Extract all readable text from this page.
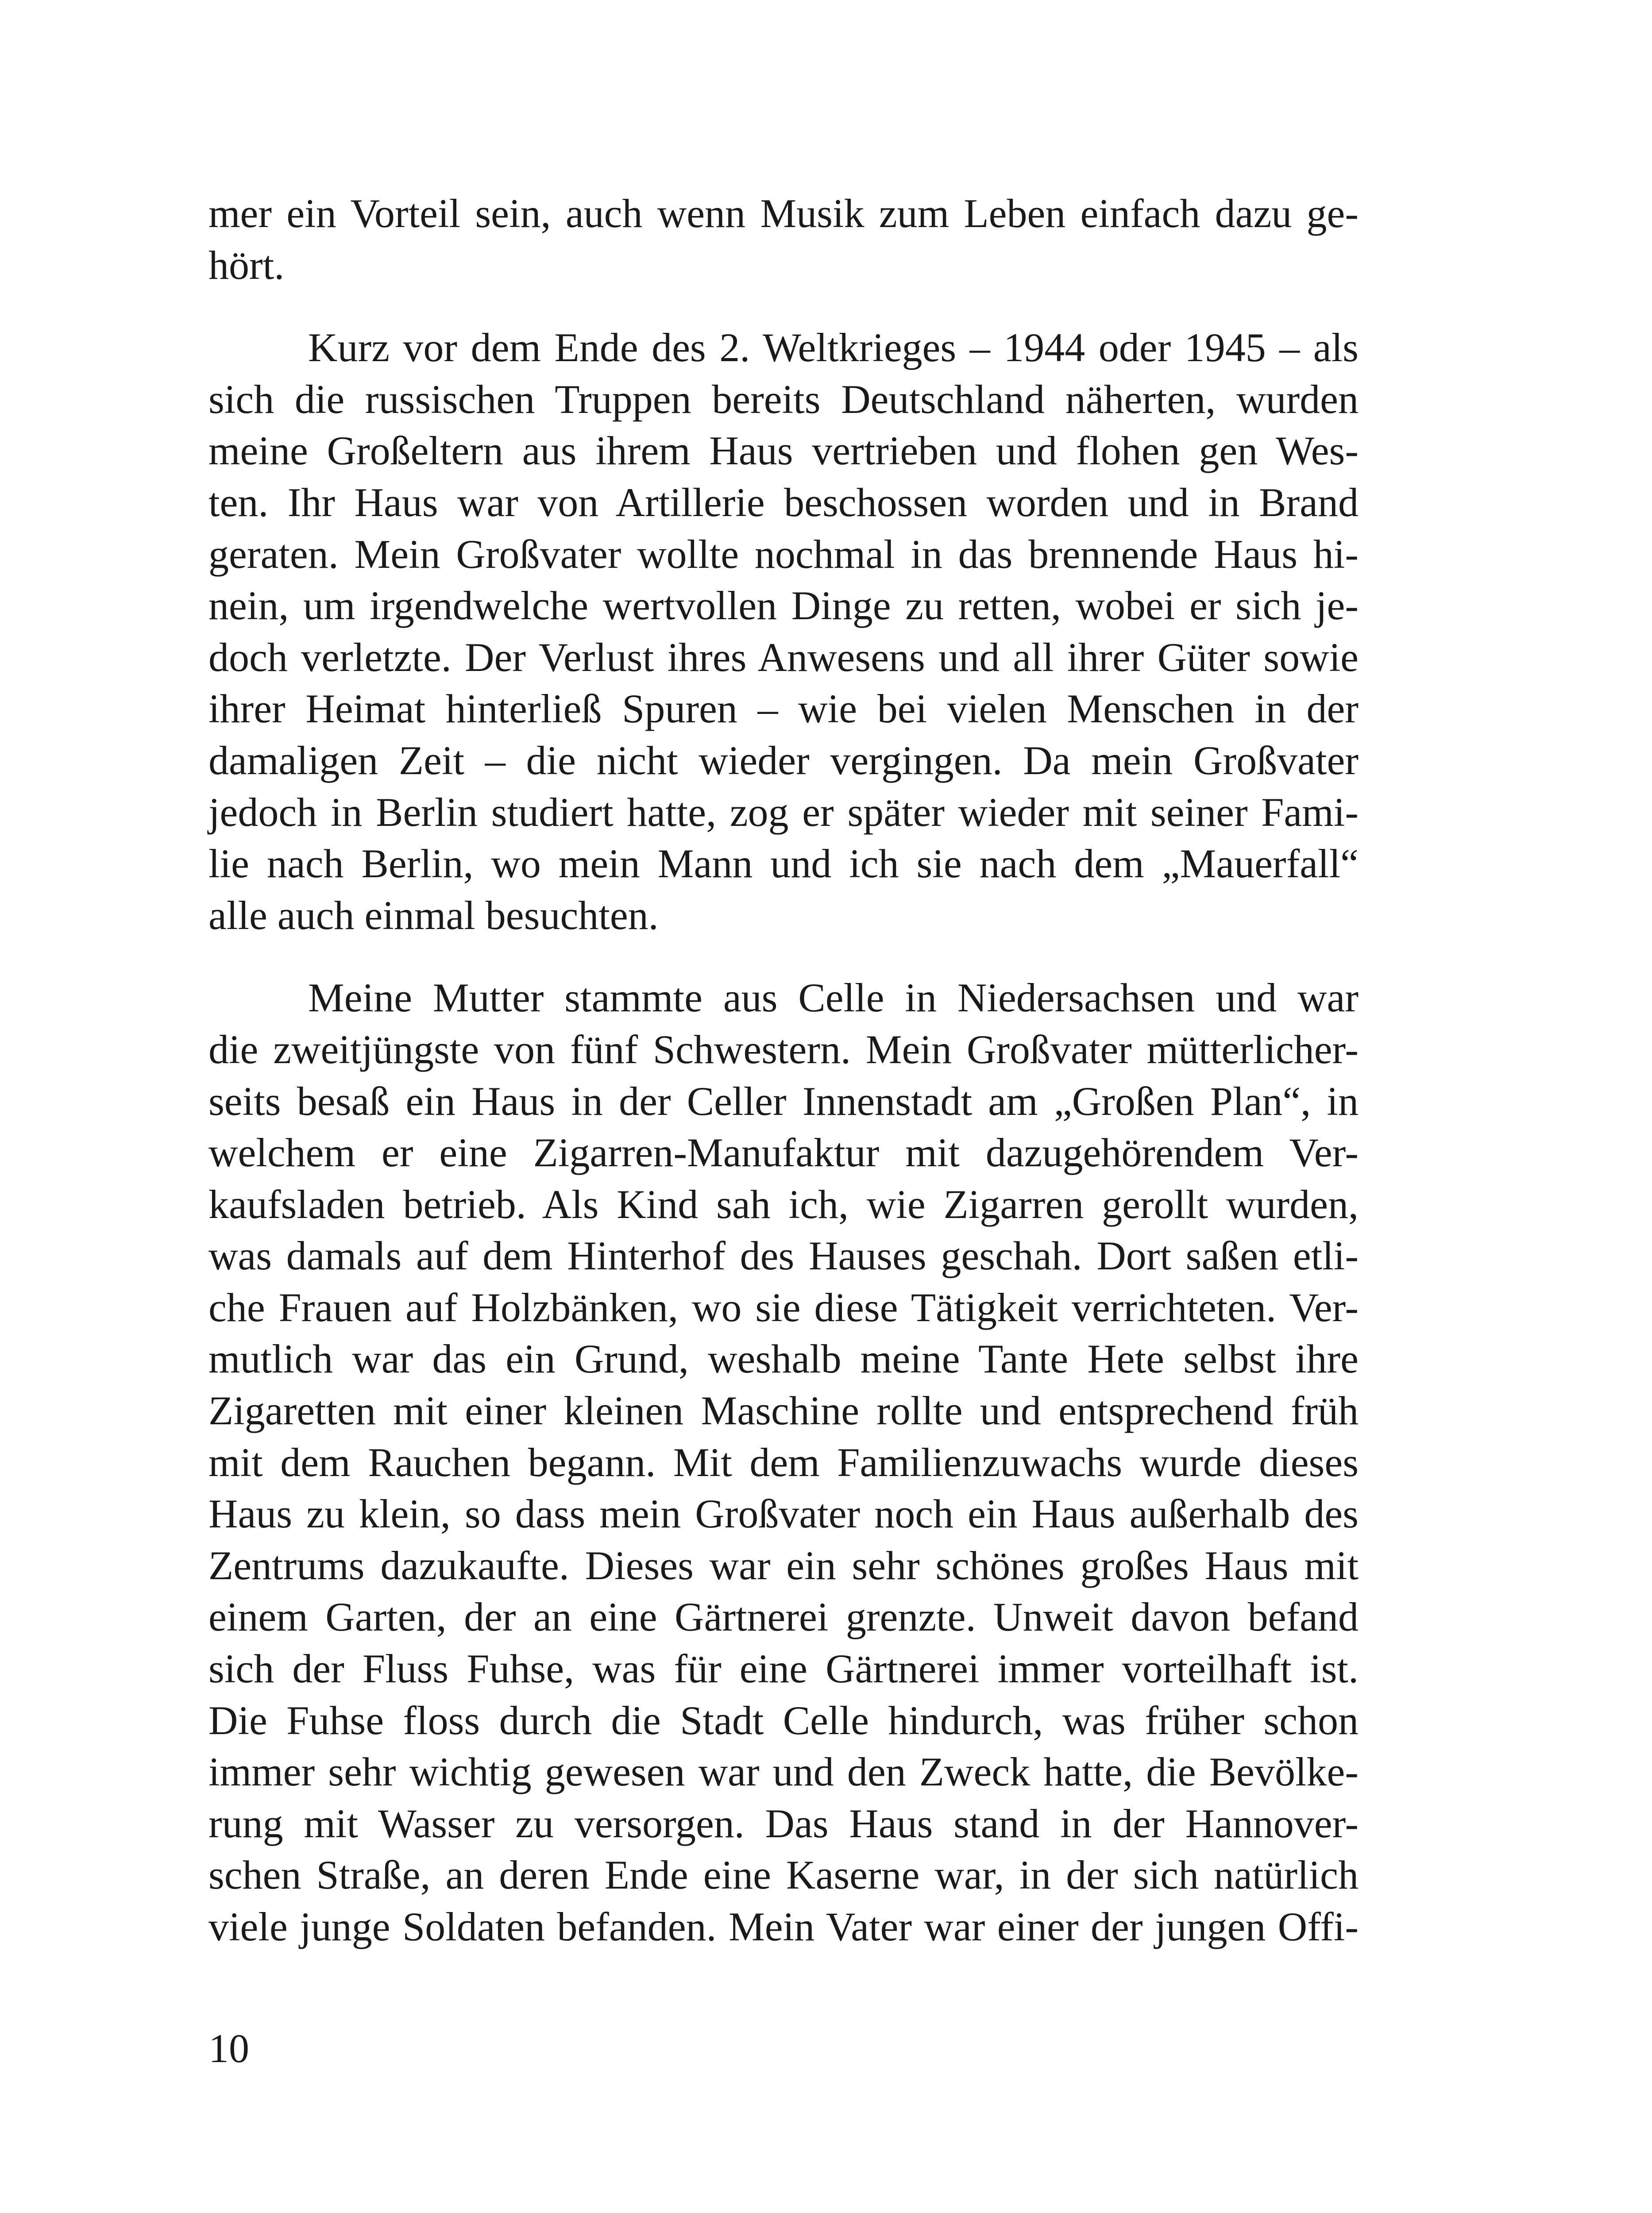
mer ein Vorteil sein, auch wenn Musik zum Leben einfach dazu ge-
hört.
Kurz vor dem Ende des 2. Weltkrieges – 1944 oder 1945 – als
sich die russischen Truppen bereits Deutschland näherten, wurden
meine Großeltern aus ihrem Haus vertrieben und flohen gen Wes-
ten. Ihr Haus war von Artillerie beschossen worden und in Brand
geraten. Mein Großvater wollte nochmal in das brennende Haus hi-
nein, um irgendwelche wertvollen Dinge zu retten, wobei er sich je-
doch verletzte. Der Verlust ihres Anwesens und all ihrer Güter sowie
ihrer Heimat hinterließ Spuren – wie bei vielen Menschen in der
damaligen Zeit – die nicht wieder vergingen. Da mein Großvater
jedoch in Berlin studiert hatte, zog er später wieder mit seiner Fami-
lie nach Berlin, wo mein Mann und ich sie nach dem „Mauerfall“
alle auch einmal besuchten.
Meine Mutter stammte aus Celle in Niedersachsen und war
die zweitjüngste von fünf Schwestern. Mein Großvater mütterlicher-
seits besaß ein Haus in der Celler Innenstadt am „Großen Plan“, in
welchem er eine Zigarren-Manufaktur mit dazugehörendem Ver-
kaufsladen betrieb. Als Kind sah ich, wie Zigarren gerollt wurden,
was damals auf dem Hinterhof des Hauses geschah. Dort saßen etli-
che Frauen auf Holzbänken, wo sie diese Tätigkeit verrichteten. Ver-
mutlich war das ein Grund, weshalb meine Tante Hete selbst ihre
Zigaretten mit einer kleinen Maschine rollte und entsprechend früh
mit dem Rauchen begann. Mit dem Familienzuwachs wurde dieses
Haus zu klein, so dass mein Großvater noch ein Haus außerhalb des
Zentrums dazukaufte. Dieses war ein sehr schönes großes Haus mit
einem Garten, der an eine Gärtnerei grenzte. Unweit davon befand
sich der Fluss Fuhse, was für eine Gärtnerei immer vorteilhaft ist.
Die Fuhse floss durch die Stadt Celle hindurch, was früher schon
immer sehr wichtig gewesen war und den Zweck hatte, die Bevölke-
rung mit Wasser zu versorgen. Das Haus stand in der Hannover-
schen Straße, an deren Ende eine Kaserne war, in der sich natürlich
viele junge Soldaten befanden. Mein Vater war einer der jungen Offi-
10
